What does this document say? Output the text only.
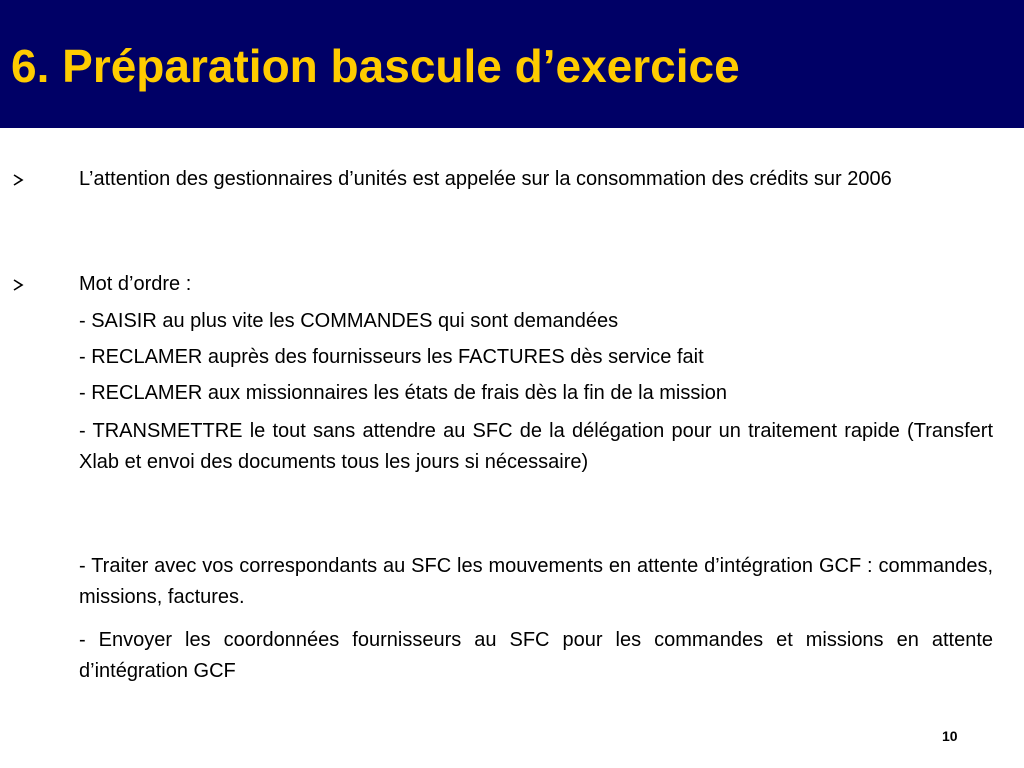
6. Préparation bascule d’exercice

L’attention des gestionnaires d’unités est appelée sur la consommation des crédits sur 2006

Mot d’ordre :

- SAISIR au plus vite les COMMANDES qui sont demandées

- RECLAMER auprès des fournisseurs les FACTURES dès service fait

- RECLAMER aux missionnaires les états de frais dès la fin de la mission

- TRANSMETTRE le tout sans attendre au SFC de la délégation pour un traitement rapide (Transfert Xlab et envoi des documents tous les jours si nécessaire)

- Traiter avec vos correspondants au SFC les mouvements en attente d’intégration GCF : commandes, missions, factures.

- Envoyer les coordonnées fournisseurs au SFC pour les commandes et missions en attente d’intégration GCF

10
